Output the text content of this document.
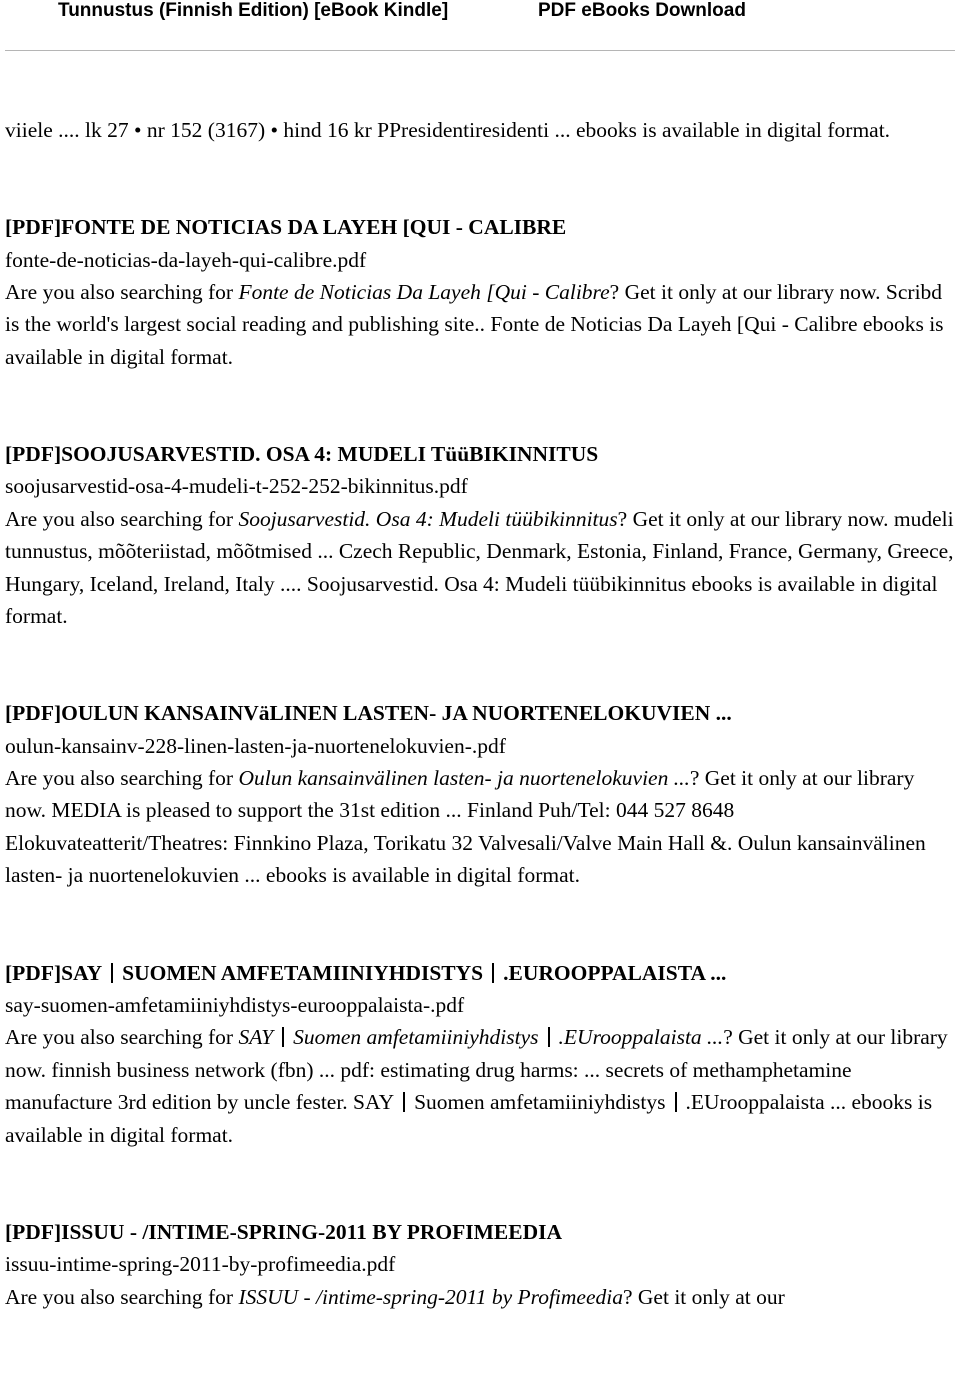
Tunnustus (Finnish Edition) [eBook Kindle]	PDF eBooks Download

viiele .... lk 27 • nr 152 (3167) • hind 16 kr PPresidentiresidenti ... ebooks is available in digital format.

[PDF]FONTE DE NOTICIAS DA LAYEH [QUI - CALIBRE

fonte-de-noticias-da-layeh-qui-calibre.pdf

Are you also searching for Fonte de Noticias Da Layeh [Qui - Calibre? Get it only at our library now. Scribd is the world's largest social reading and publishing site.. Fonte de Noticias Da Layeh [Qui - Calibre ebooks is available in digital format.

[PDF]SOOJUSARVESTID. OSA 4: MUDELI TüüBIKINNITUS

soojusarvestid-osa-4-mudeli-t-252-252-bikinnitus.pdf

Are you also searching for Soojusarvestid. Osa 4: Mudeli tüübikinnitus? Get it only at our library now. mudeli tunnustus, mõõteriistad, mõõtmised ... Czech Republic, Denmark, Estonia, Finland, France, Germany, Greece, Hungary, Iceland, Ireland, Italy .... Soojusarvestid. Osa 4: Mudeli tüübikinnitus ebooks is available in digital format.

[PDF]OULUN KANSAINVäLINEN LASTEN- JA NUORTENELOKUVIEN ...

oulun-kansainv-228-linen-lasten-ja-nuortenelokuvien-.pdf

Are you also searching for Oulun kansainvälinen lasten- ja nuortenelokuvien ...? Get it only at our library now. MEDIA is pleased to support the 31st edition ... Finland Puh/Tel: 044 527 8648 Elokuvateatterit/Theatres: Finnkino Plaza, Torikatu 32 Valvesali/Valve Main Hall &. Oulun kansainvälinen lasten- ja nuortenelokuvien ... ebooks is available in digital format.

[PDF]SAY SUOMEN AMFETAMIINIYHDISTYS .EUROOPPALAISTA ...

say-suomen-amfetamiiniyhdistys-eurooppalaista-.pdf

Are you also searching for SAY Suomen amfetamiiniyhdistys .EUrooppalaista ...? Get it only at our library now. finnish business network (fbn) ... pdf: estimating drug harms: ... secrets of methamphetamine manufacture 3rd edition by uncle fester. SAY Suomen amfetamiiniyhdistys .EUrooppalaista ... ebooks is available in digital format.

[PDF]ISSUU - /INTIME-SPRING-2011 BY PROFIMEEDIA

issuu-intime-spring-2011-by-profimeedia.pdf

Are you also searching for ISSUU - /intime-spring-2011 by Profimeedia? Get it only at our
